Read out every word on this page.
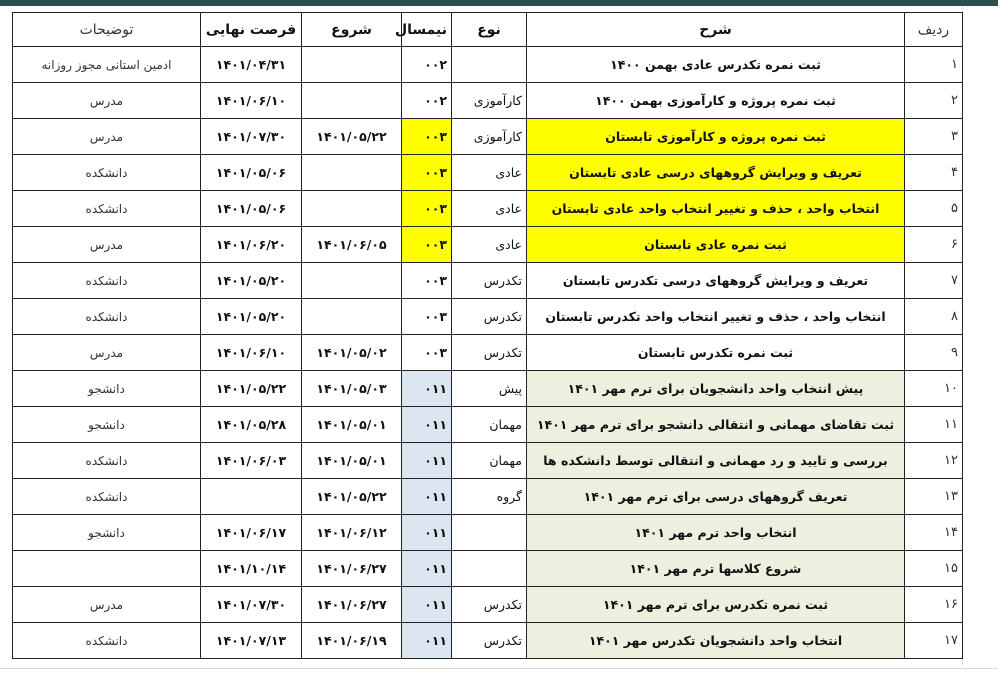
ردیف	شرح	نوع	نیمسال	شروع	فرصت نهایی	توضیحات
۱	ثبت نمره تکدرس عادی بهمن ۱۴۰۰		۰۰۲		۱۴۰۱/۰۴/۳۱	ادمین استانی مجوز روزانه
۲	ثبت نمره پروژه و کارآموزی بهمن ۱۴۰۰	کارآموزی	۰۰۲		۱۴۰۱/۰۶/۱۰	مدرس
۳	ثبت نمره پروژه و کارآموزی تابستان	کارآموزی	۰۰۳	۱۴۰۱/۰۵/۲۲	۱۴۰۱/۰۷/۳۰	مدرس
۴	تعریف و ویرایش گروههای درسی عادی تابستان	عادی	۰۰۳		۱۴۰۱/۰۵/۰۶	دانشکده
۵	انتخاب واحد ، حذف و تغییر انتخاب واحد عادی تابستان	عادی	۰۰۳		۱۴۰۱/۰۵/۰۶	دانشکده
۶	ثبت نمره عادی تابستان	عادی	۰۰۳	۱۴۰۱/۰۶/۰۵	۱۴۰۱/۰۶/۲۰	مدرس
۷	تعریف و ویرایش گروههای درسی تکدرس تابستان	تکدرس	۰۰۳		۱۴۰۱/۰۵/۲۰	دانشکده
۸	انتخاب واحد ، حذف و تغییر انتخاب واحد تکدرس تابستان	تکدرس	۰۰۳		۱۴۰۱/۰۵/۲۰	دانشکده
۹	ثبت نمره تکدرس تابستان	تکدرس	۰۰۳	۱۴۰۱/۰۵/۰۲	۱۴۰۱/۰۶/۱۰	مدرس
۱۰	پیش انتخاب واحد دانشجویان برای ترم مهر ۱۴۰۱	پیش	۰۱۱	۱۴۰۱/۰۵/۰۳	۱۴۰۱/۰۵/۲۲	دانشجو
۱۱	ثبت تقاضای مهمانی و انتقالی دانشجو برای ترم مهر ۱۴۰۱	مهمان	۰۱۱	۱۴۰۱/۰۵/۰۱	۱۴۰۱/۰۵/۲۸	دانشجو
۱۲	بررسی و تایید و رد مهمانی و انتقالی توسط دانشکده ها	مهمان	۰۱۱	۱۴۰۱/۰۵/۰۱	۱۴۰۱/۰۶/۰۳	دانشکده
۱۳	تعریف گروههای درسی برای ترم مهر ۱۴۰۱	گروه	۰۱۱	۱۴۰۱/۰۵/۲۲		دانشکده
۱۴	انتخاب واحد ترم مهر ۱۴۰۱		۰۱۱	۱۴۰۱/۰۶/۱۲	۱۴۰۱/۰۶/۱۷	دانشجو
۱۵	شروع کلاسها ترم مهر ۱۴۰۱		۰۱۱	۱۴۰۱/۰۶/۲۷	۱۴۰۱/۱۰/۱۴	
۱۶	ثبت نمره تکدرس برای ترم مهر ۱۴۰۱	تکدرس	۰۱۱	۱۴۰۱/۰۶/۲۷	۱۴۰۱/۰۷/۳۰	مدرس
۱۷	انتخاب واحد دانشجویان تکدرس مهر ۱۴۰۱	تکدرس	۰۱۱	۱۴۰۱/۰۶/۱۹	۱۴۰۱/۰۷/۱۳	دانشکده
